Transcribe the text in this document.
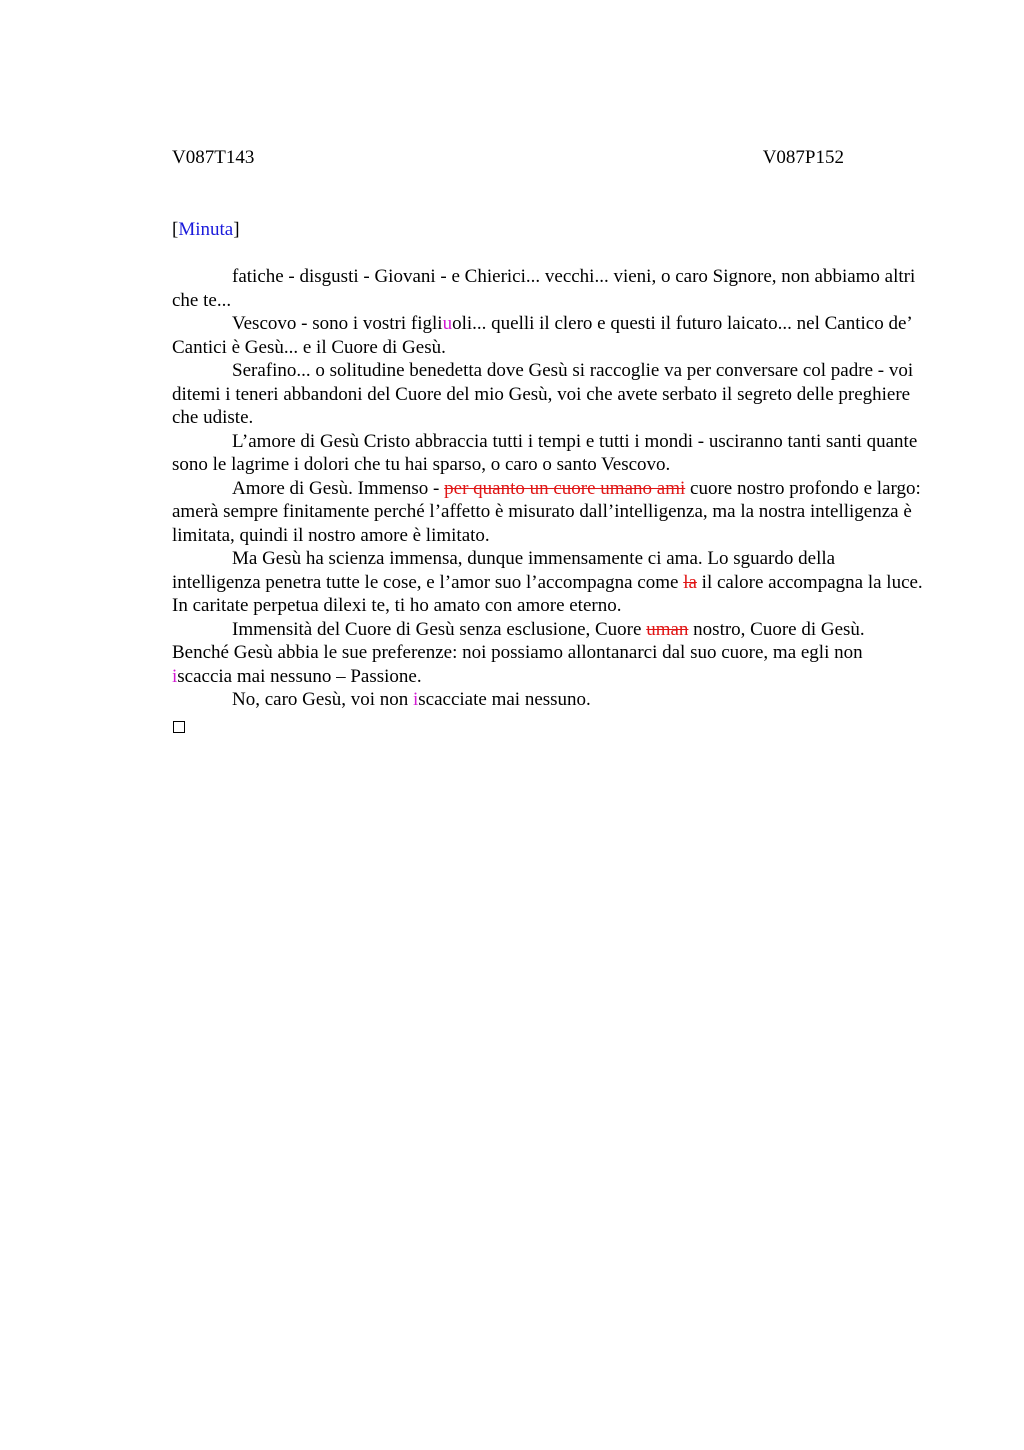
V087T143	V087P152
[Minuta]

fatiche - disgusti - Giovani - e Chierici... vecchi... vieni, o caro Signore, non abbiamo altri che te...

Vescovo - sono i vostri figliuoli... quelli il clero e questi il futuro laicato... nel Cantico de’ Cantici è Gesù... e il Cuore di Gesù.

Serafino... o solitudine benedetta dove Gesù si raccoglie va per conversare col padre - voi ditemi i teneri abbandoni del Cuore del mio Gesù, voi che avete serbato il segreto delle preghiere che udiste.

L’amore di Gesù Cristo abbraccia tutti i tempi e tutti i mondi - usciranno tanti santi quante sono le lagrime i dolori che tu hai sparso, o caro o santo Vescovo.

Amore di Gesù. Immenso - per quanto un cuore umano ami cuore nostro profondo e largo: amerà sempre finitamente perché l’affetto è misurato dall’intelligenza, ma la nostra intelligenza è limitata, quindi il nostro amore è limitato.

Ma Gesù ha scienza immensa, dunque immensamente ci ama. Lo sguardo della intelligenza penetra tutte le cose, e l’amor suo l’accompagna come la il calore accompagna la luce. In caritate perpetua dilexi te, ti ho amato con amore eterno.

Immensità del Cuore di Gesù senza esclusione, Cuore uman nostro, Cuore di Gesù. Benché Gesù abbia le sue preferenze: noi possiamo allontanarci dal suo cuore, ma egli non iscaccia mai nessuno – Passione.

No, caro Gesù, voi non iscacciate mai nessuno.
